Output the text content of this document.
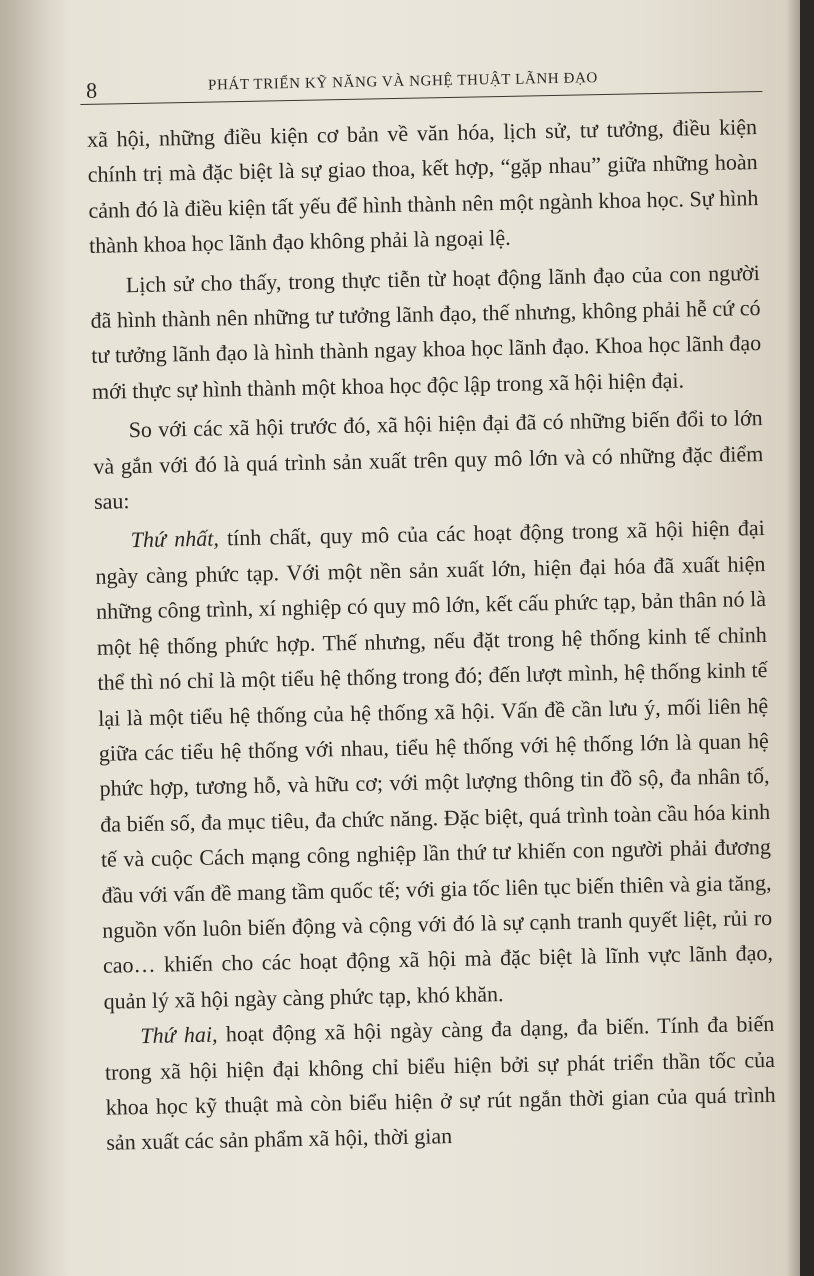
8	PHÁT TRIỂN KỸ NĂNG VÀ NGHỆ THUẬT LÃNH ĐẠO

xã hội, những điều kiện cơ bản về văn hóa, lịch sử, tư tưởng, điều kiện chính trị mà đặc biệt là sự giao thoa, kết hợp, “gặp nhau” giữa những hoàn cảnh đó là điều kiện tất yếu để hình thành nên một ngành khoa học. Sự hình thành khoa học lãnh đạo không phải là ngoại lệ.

Lịch sử cho thấy, trong thực tiễn từ hoạt động lãnh đạo của con người đã hình thành nên những tư tưởng lãnh đạo, thế nhưng, không phải hễ cứ có tư tưởng lãnh đạo là hình thành ngay khoa học lãnh đạo. Khoa học lãnh đạo mới thực sự hình thành một khoa học độc lập trong xã hội hiện đại.

So với các xã hội trước đó, xã hội hiện đại đã có những biến đổi to lớn và gắn với đó là quá trình sản xuất trên quy mô lớn và có những đặc điểm sau:

Thứ nhất, tính chất, quy mô của các hoạt động trong xã hội hiện đại ngày càng phức tạp. Với một nền sản xuất lớn, hiện đại hóa đã xuất hiện những công trình, xí nghiệp có quy mô lớn, kết cấu phức tạp, bản thân nó là một hệ thống phức hợp. Thế nhưng, nếu đặt trong hệ thống kinh tế chỉnh thể thì nó chỉ là một tiểu hệ thống trong đó; đến lượt mình, hệ thống kinh tế lại là một tiểu hệ thống của hệ thống xã hội. Vấn đề cần lưu ý, mối liên hệ giữa các tiểu hệ thống với nhau, tiểu hệ thống với hệ thống lớn là quan hệ phức hợp, tương hỗ, và hữu cơ; với một lượng thông tin đồ sộ, đa nhân tố, đa biến số, đa mục tiêu, đa chức năng. Đặc biệt, quá trình toàn cầu hóa kinh tế và cuộc Cách mạng công nghiệp lần thứ tư khiến con người phải đương đầu với vấn đề mang tầm quốc tế; với gia tốc liên tục biến thiên và gia tăng, nguồn vốn luôn biến động và cộng với đó là sự cạnh tranh quyết liệt, rủi ro cao… khiến cho các hoạt động xã hội mà đặc biệt là lĩnh vực lãnh đạo, quản lý xã hội ngày càng phức tạp, khó khăn.

Thứ hai, hoạt động xã hội ngày càng đa dạng, đa biến. Tính đa biến trong xã hội hiện đại không chỉ biểu hiện bởi sự phát triển thần tốc của khoa học kỹ thuật mà còn biểu hiện ở sự rút ngắn thời gian của quá trình sản xuất các sản phẩm xã hội, thời gian
